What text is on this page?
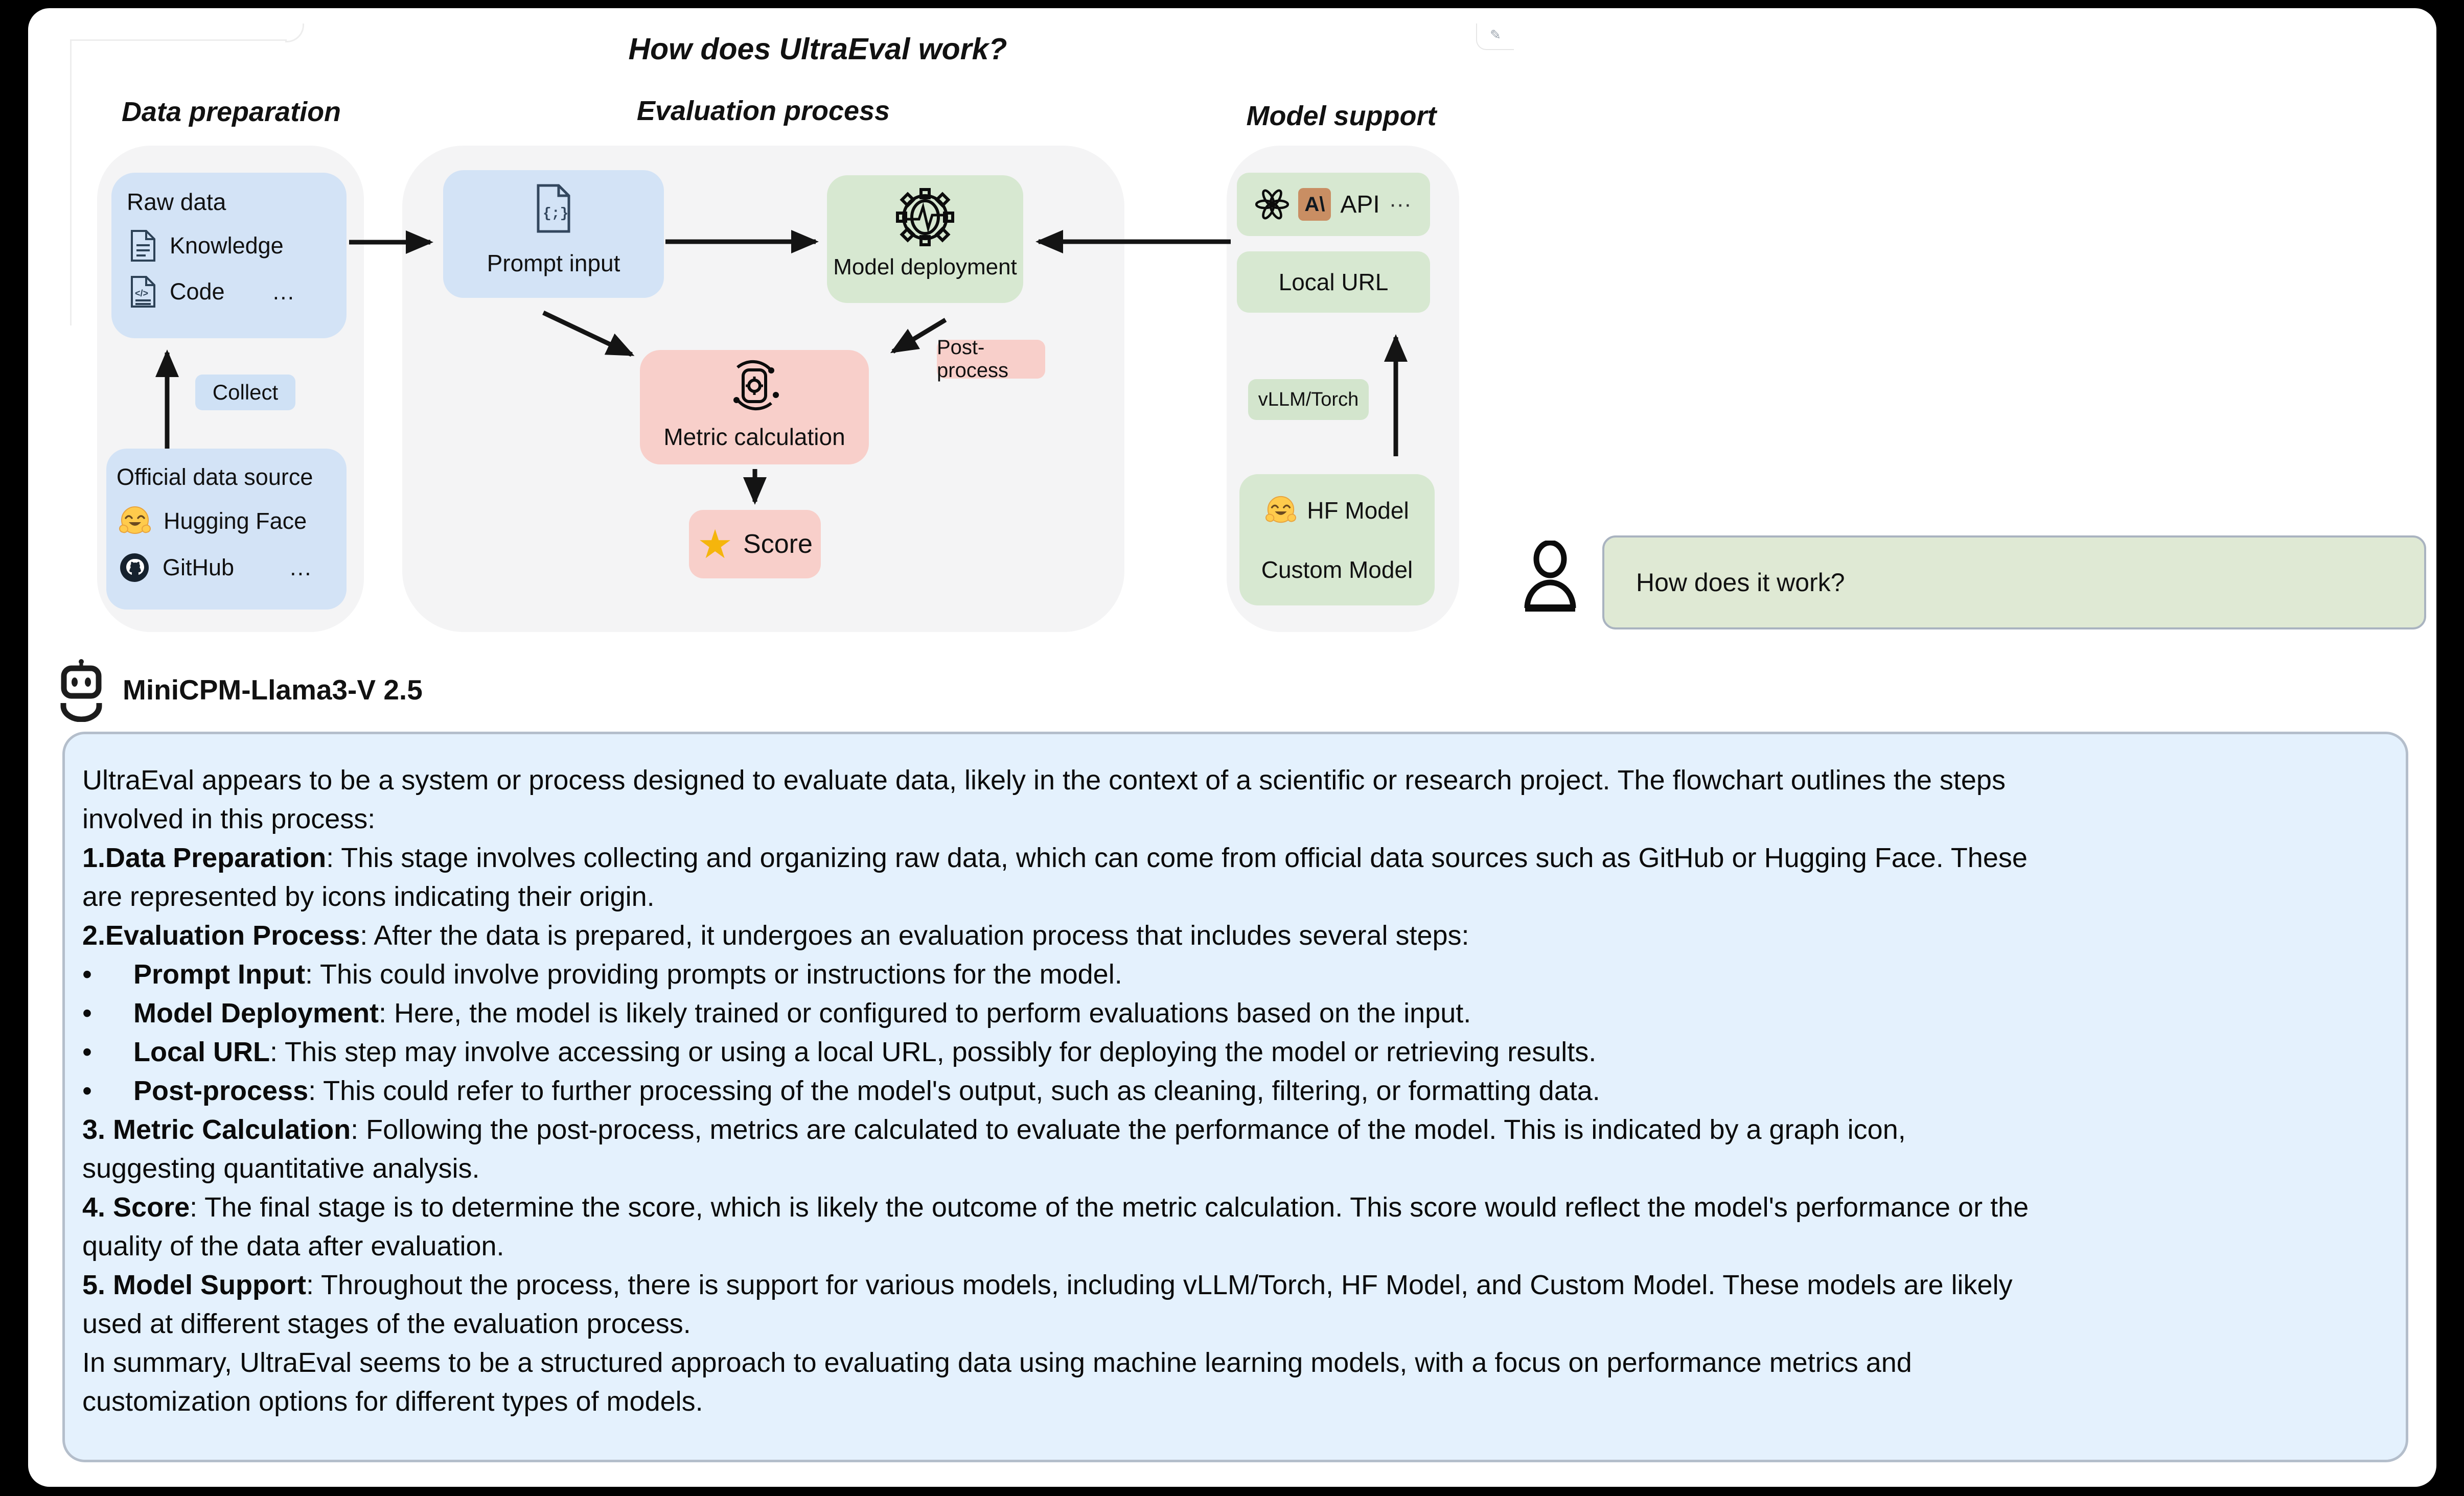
✎
How does UltraEval work?
Data preparation	Evaluation process	Model support
Raw data
Knowledge
</> Code ...
Collect
Official data source
Hugging Face
GitHub ...
{;}
Prompt input	Model deployment
Post-process
Metric calculation
★ Score
A\ API ···
Local URL
vLLM/Torch
HF Model
Custom Model	How does it work?
MiniCPM-Llama3-V 2.5
UltraEval appears to be a system or process designed to evaluate data, likely in the context of a scientific or research project. The flowchart outlines the steps
involved in this process:
1.Data Preparation: This stage involves collecting and organizing raw data, which can come from official data sources such as GitHub or Hugging Face. These
are represented by icons indicating their origin.
2.Evaluation Process: After the data is prepared, it undergoes an evaluation process that includes several steps:
• Prompt Input: This could involve providing prompts or instructions for the model.
• Model Deployment: Here, the model is likely trained or configured to perform evaluations based on the input.
• Local URL: This step may involve accessing or using a local URL, possibly for deploying the model or retrieving results.
• Post-process: This could refer to further processing of the model's output, such as cleaning, filtering, or formatting data.
3. Metric Calculation: Following the post-process, metrics are calculated to evaluate the performance of the model. This is indicated by a graph icon,
suggesting quantitative analysis.
4. Score: The final stage is to determine the score, which is likely the outcome of the metric calculation. This score would reflect the model's performance or the
quality of the data after evaluation.
5. Model Support: Throughout the process, there is support for various models, including vLLM/Torch, HF Model, and Custom Model. These models are likely
used at different stages of the evaluation process.
In summary, UltraEval seems to be a structured approach to evaluating data using machine learning models, with a focus on performance metrics and
customization options for different types of models.
